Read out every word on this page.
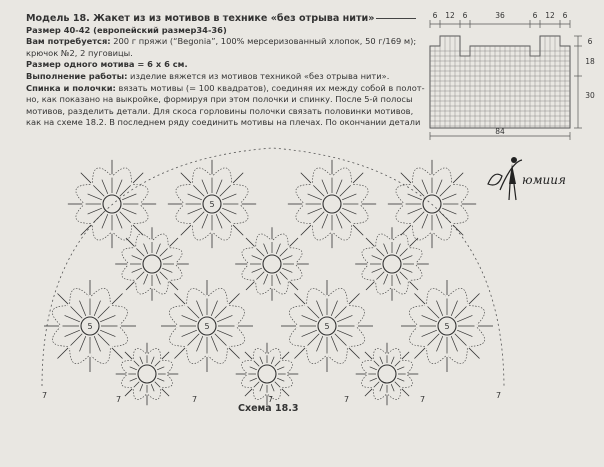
Модель 18. Жакет из из мотивов в технике «без отрыва нити»
Размер 40-42 (европейский размер34-36)
Вам потребуется: 200 г пряжи (“Begonia”, 100% мерсеризованный хлопок, 50 г/169 м);
крючок №2, 2 пуговицы.
Размер одного мотива = 6 х 6 см.
Выполнение работы: изделие вяжется из мотивов техникой «без отрыва нити».
Спинка и полочки: вязать мотивы (= 100 квадратов), соединяя их между собой в полот-
но, как показано на выкройке, формируя при этом полочки и спинку. После 5-й полосы
мотивов, разделить детали. Для скоса горловины полочки связать половинки мотивов,
как на схеме 18.2. В последнем ряду соединить мотивы на плечах. По окончании детали
6 12 6	36	6 12 6
6
18
30
84
юмиия
5
5	5	5	5
7	7	7	7	7	7	7
Схема 18.3
